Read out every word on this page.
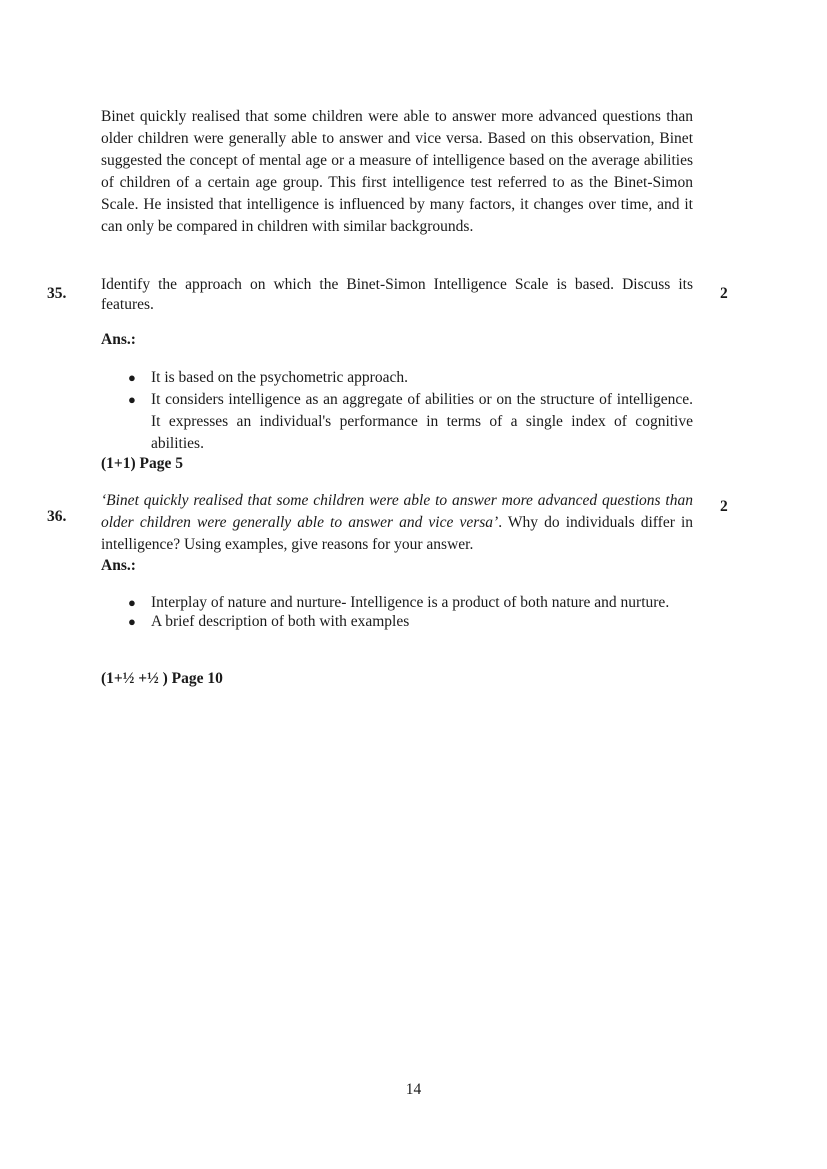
Binet quickly realised that some children were able to answer more advanced questions than older children were generally able to answer and vice versa. Based on this observation, Binet suggested the concept of mental age or a measure of intelligence based on the average abilities of children of a certain age group. This first intelligence test referred to as the Binet-Simon Scale. He insisted that intelligence is influenced by many factors, it changes over time, and it can only be compared in children with similar backgrounds.

35.	2

Identify the approach on which the Binet-Simon Intelligence Scale is based. Discuss its features.

Ans.:
● It is based on the psychometric approach.
● It considers intelligence as an aggregate of abilities or on the structure of intelligence. It expresses an individual's performance in terms of a single index of cognitive abilities.
(1+1) Page 5
36.
2

‘Binet quickly realised that some children were able to answer more advanced questions than older children were generally able to answer and vice versa’. Why do individuals differ in intelligence? Using examples, give reasons for your answer.

Ans.:
● Interplay of nature and nurture- Intelligence is a product of both nature and nurture.
● A brief description of both with examples
(1+½ +½ ) Page 10
14
